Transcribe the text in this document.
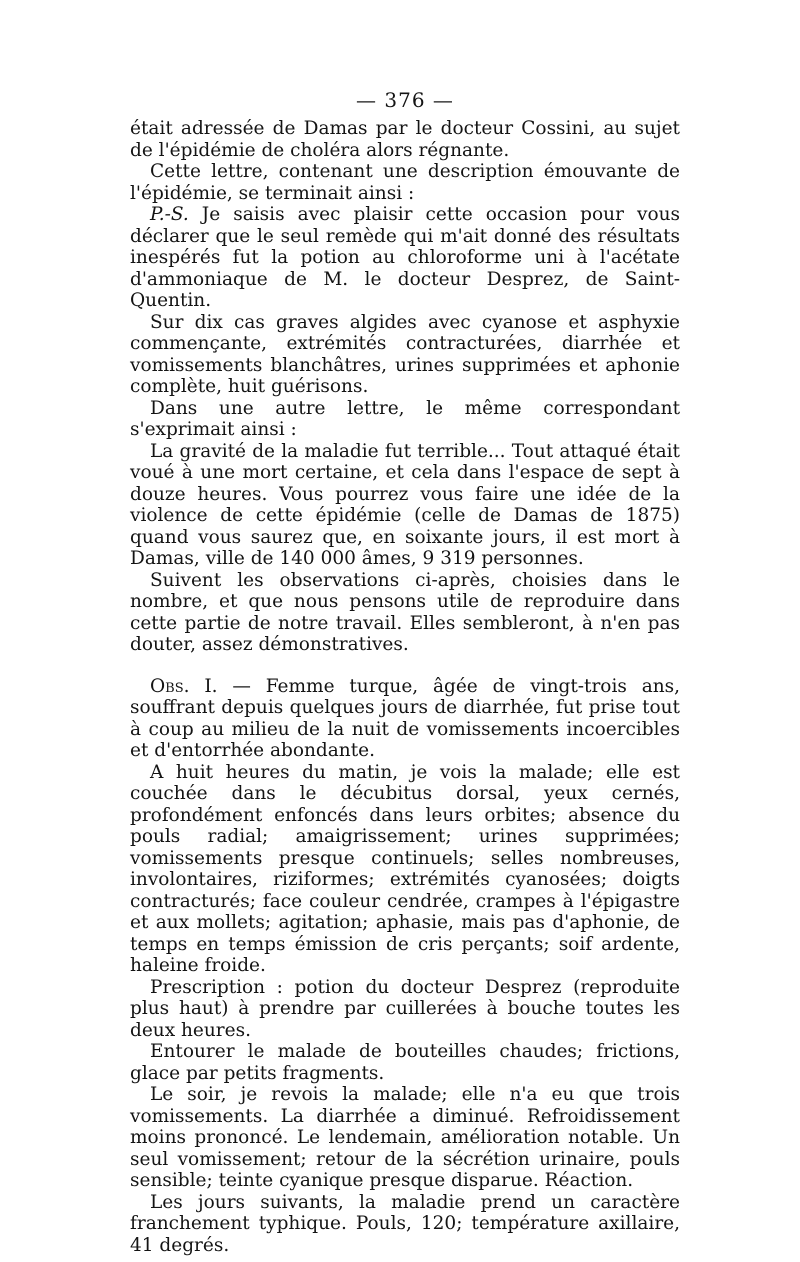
— 376 —

était adressée de Damas par le docteur Cossini, au sujet de l'épidémie de choléra alors régnante.

Cette lettre, contenant une description émouvante de l'épidémie, se terminait ainsi :

P.-S. Je saisis avec plaisir cette occasion pour vous déclarer que le seul remède qui m'ait donné des résultats inespérés fut la potion au chloroforme uni à l'acétate d'ammoniaque de M. le docteur Desprez, de Saint-Quentin.

Sur dix cas graves algides avec cyanose et asphyxie commençante, extrémités contracturées, diarrhée et vomissements blanchâtres, urines supprimées et aphonie complète, huit guérisons.

Dans une autre lettre, le même correspondant s'exprimait ainsi :

La gravité de la maladie fut terrible... Tout attaqué était voué à une mort certaine, et cela dans l'espace de sept à douze heures. Vous pourrez vous faire une idée de la violence de cette épidémie (celle de Damas de 1875) quand vous saurez que, en soixante jours, il est mort à Damas, ville de 140 000 âmes, 9 319 personnes.

Suivent les observations ci-après, choisies dans le nombre, et que nous pensons utile de reproduire dans cette partie de notre travail. Elles sembleront, à n'en pas douter, assez démonstratives.

Obs. I. — Femme turque, âgée de vingt-trois ans, souffrant depuis quelques jours de diarrhée, fut prise tout à coup au milieu de la nuit de vomissements incoercibles et d'entorrhée abondante.

A huit heures du matin, je vois la malade; elle est couchée dans le décubitus dorsal, yeux cernés, profondément enfoncés dans leurs orbites; absence du pouls radial; amaigrissement; urines supprimées; vomissements presque continuels; selles nombreuses, involontaires, riziformes; extrémités cyanosées; doigts contracturés; face couleur cendrée, crampes à l'épigastre et aux mollets; agitation; aphasie, mais pas d'aphonie, de temps en temps émission de cris perçants; soif ardente, haleine froide.

Prescription : potion du docteur Desprez (reproduite plus haut) à prendre par cuillerées à bouche toutes les deux heures.

Entourer le malade de bouteilles chaudes; frictions, glace par petits fragments.

Le soir, je revois la malade; elle n'a eu que trois vomissements. La diarrhée a diminué. Refroidissement moins prononcé. Le lendemain, amélioration notable. Un seul vomissement; retour de la sécrétion urinaire, pouls sensible; teinte cyanique presque disparue. Réaction.

Les jours suivants, la maladie prend un caractère franchement typhique. Pouls, 120; température axillaire, 41 degrés.
